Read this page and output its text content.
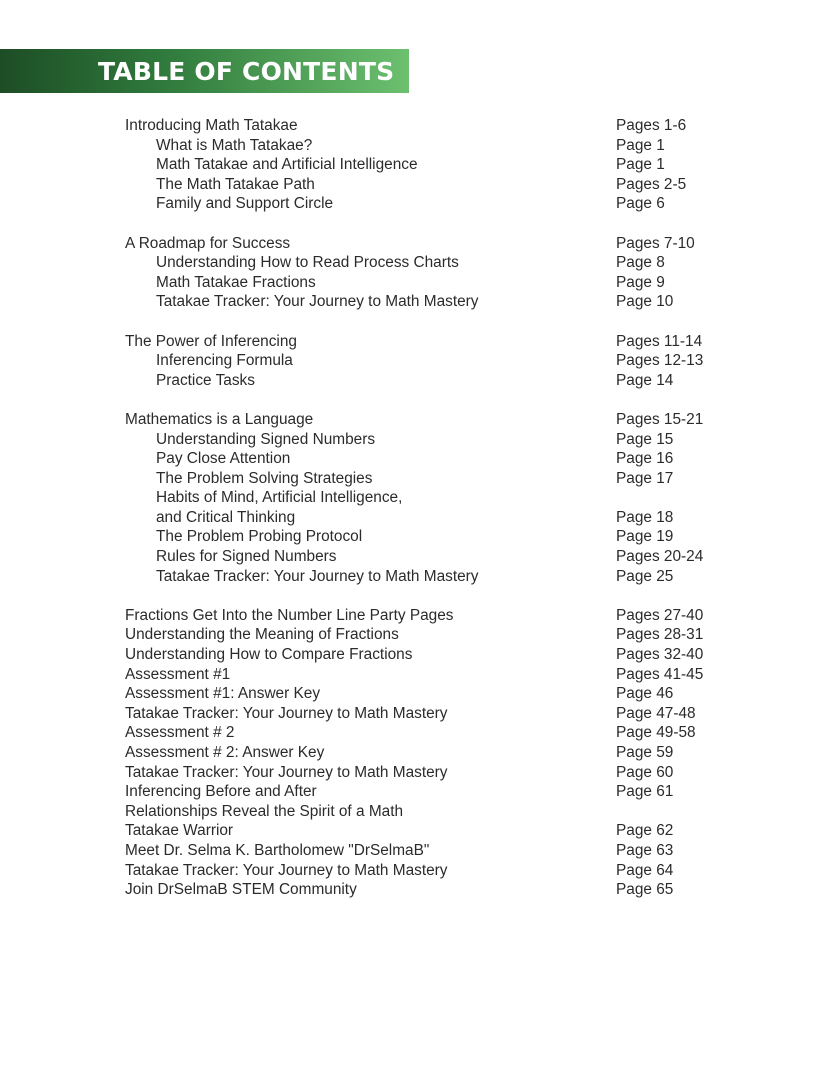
TABLE OF CONTENTS
Introducing Math Tatakae	Pages 1-6
What is Math Tatakae?	Page 1
Math Tatakae and Artificial Intelligence	Page 1
The Math Tatakae Path	Pages 2-5
Family and Support Circle	Page 6
A Roadmap for Success	Pages 7-10
Understanding How to Read Process Charts	Page 8
Math Tatakae Fractions	Page 9
Tatakae Tracker: Your Journey to Math Mastery	Page 10
The Power of Inferencing	Pages 11-14
Inferencing Formula	Pages 12-13
Practice Tasks	Page 14
Mathematics is a Language	Pages 15-21
Understanding Signed Numbers	Page 15
Pay Close Attention	Page 16
The Problem Solving Strategies	Page 17
Habits of Mind, Artificial Intelligence,
and Critical Thinking	Page 18
The Problem Probing Protocol	Page 19
Rules for Signed Numbers	Pages 20-24
Tatakae Tracker: Your Journey to Math Mastery	Page 25
Fractions Get Into the Number Line Party Pages	Pages 27-40
Understanding the Meaning of Fractions	Pages 28-31
Understanding How to Compare Fractions	Pages 32-40
Assessment #1	Pages 41-45
Assessment #1: Answer Key	Page 46
Tatakae Tracker: Your Journey to Math Mastery	Page 47-48
Assessment # 2	Page 49-58
Assessment # 2: Answer Key	Page 59
Tatakae Tracker: Your Journey to Math Mastery	Page 60
Inferencing Before and After	Page 61
Relationships Reveal the Spirit of a Math
Tatakae Warrior	Page 62
Meet Dr. Selma K. Bartholomew "DrSelmaB"	Page 63
Tatakae Tracker: Your Journey to Math Mastery	Page 64
Join DrSelmaB STEM Community	Page 65
